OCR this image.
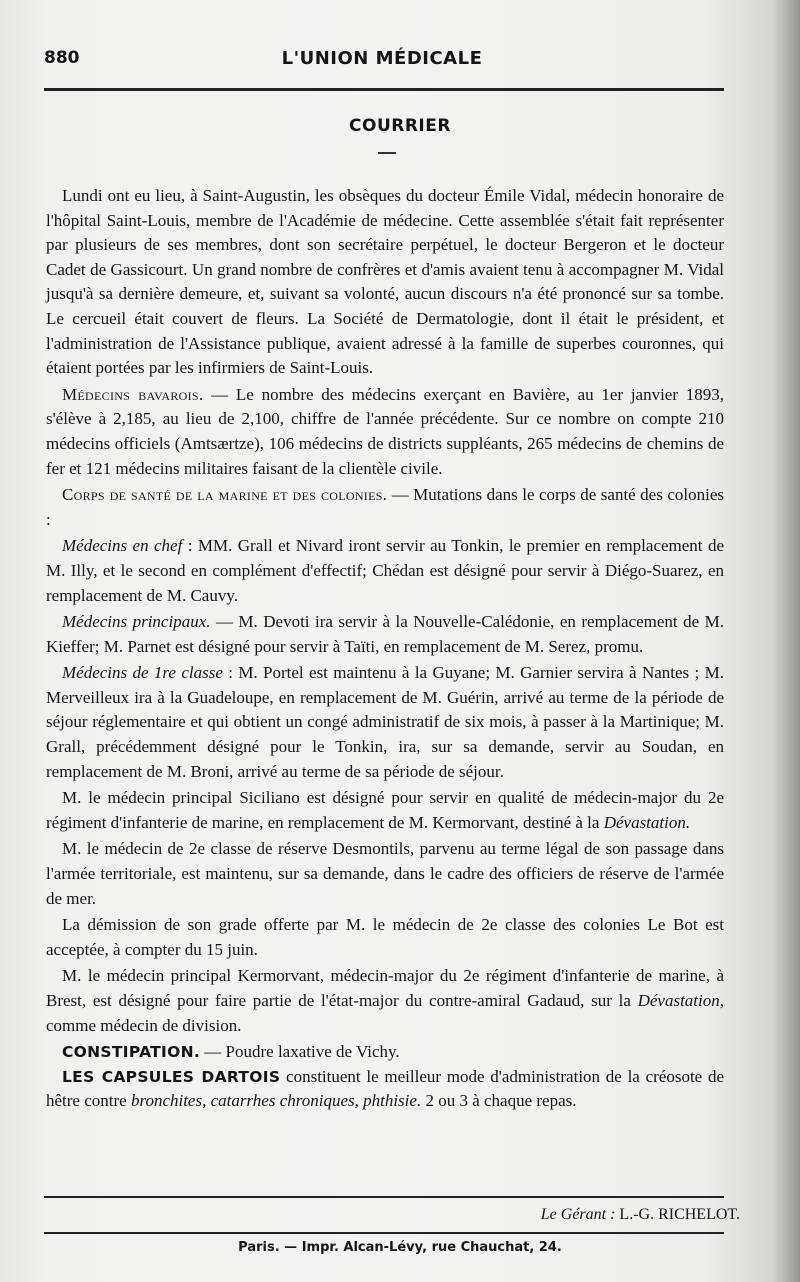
880	L'UNION MÉDICALE
COURRIER

Lundi ont eu lieu, à Saint-Augustin, les obsèques du docteur Émile Vidal, médecin honoraire de l'hôpital Saint-Louis, membre de l'Académie de médecine. Cette assemblée s'était fait représenter par plusieurs de ses membres, dont son secrétaire perpétuel, le docteur Bergeron et le docteur Cadet de Gassicourt. Un grand nombre de confrères et d'amis avaient tenu à accompagner M. Vidal jusqu'à sa dernière demeure, et, suivant sa volonté, aucun discours n'a été prononcé sur sa tombe. Le cercueil était couvert de fleurs. La Société de Dermatologie, dont il était le président, et l'administration de l'Assistance publique, avaient adressé à la famille de superbes couronnes, qui étaient portées par les infirmiers de Saint-Louis.

Médecins bavarois. — Le nombre des médecins exerçant en Bavière, au 1er janvier 1893, s'élève à 2,185, au lieu de 2,100, chiffre de l'année précédente. Sur ce nombre on compte 210 médecins officiels (Amtsærtze), 106 médecins de districts suppléants, 265 médecins de chemins de fer et 121 médecins militaires faisant de la clientèle civile.

Corps de santé de la marine et des colonies. — Mutations dans le corps de santé des colonies :

Médecins en chef : MM. Grall et Nivard iront servir au Tonkin, le premier en remplacement de M. Illy, et le second en complément d'effectif; Chédan est désigné pour servir à Diégo-Suarez, en remplacement de M. Cauvy.

Médecins principaux. — M. Devoti ira servir à la Nouvelle-Calédonie, en remplacement de M. Kieffer; M. Parnet est désigné pour servir à Taïti, en remplacement de M. Serez, promu.

Médecins de 1re classe : M. Portel est maintenu à la Guyane; M. Garnier servira à Nantes ; M. Merveilleux ira à la Guadeloupe, en remplacement de M. Guérin, arrivé au terme de la période de séjour réglementaire et qui obtient un congé administratif de six mois, à passer à la Martinique; M. Grall, précédemment désigné pour le Tonkin, ira, sur sa demande, servir au Soudan, en remplacement de M. Broni, arrivé au terme de sa période de séjour.

M. le médecin principal Siciliano est désigné pour servir en qualité de médecin-major du 2e régiment d'infanterie de marine, en remplacement de M. Kermorvant, destiné à la Dévastation.

M. le médecin de 2e classe de réserve Desmontils, parvenu au terme légal de son passage dans l'armée territoriale, est maintenu, sur sa demande, dans le cadre des officiers de réserve de l'armée de mer.

La démission de son grade offerte par M. le médecin de 2e classe des colonies Le Bot est acceptée, à compter du 15 juin.

M. le médecin principal Kermorvant, médecin-major du 2e régiment d'infanterie de marine, à Brest, est désigné pour faire partie de l'état-major du contre-amiral Gadaud, sur la Dévastation, comme médecin de division.

CONSTIPATION. — Poudre laxative de Vichy.

LES CAPSULES DARTOIS constituent le meilleur mode d'administration de la créosote de hêtre contre bronchites, catarrhes chroniques, phthisie. 2 ou 3 à chaque repas.

Le Gérant : L.-G. RICHELOT.
Paris. — Impr. Alcan-Lévy, rue Chauchat, 24.
